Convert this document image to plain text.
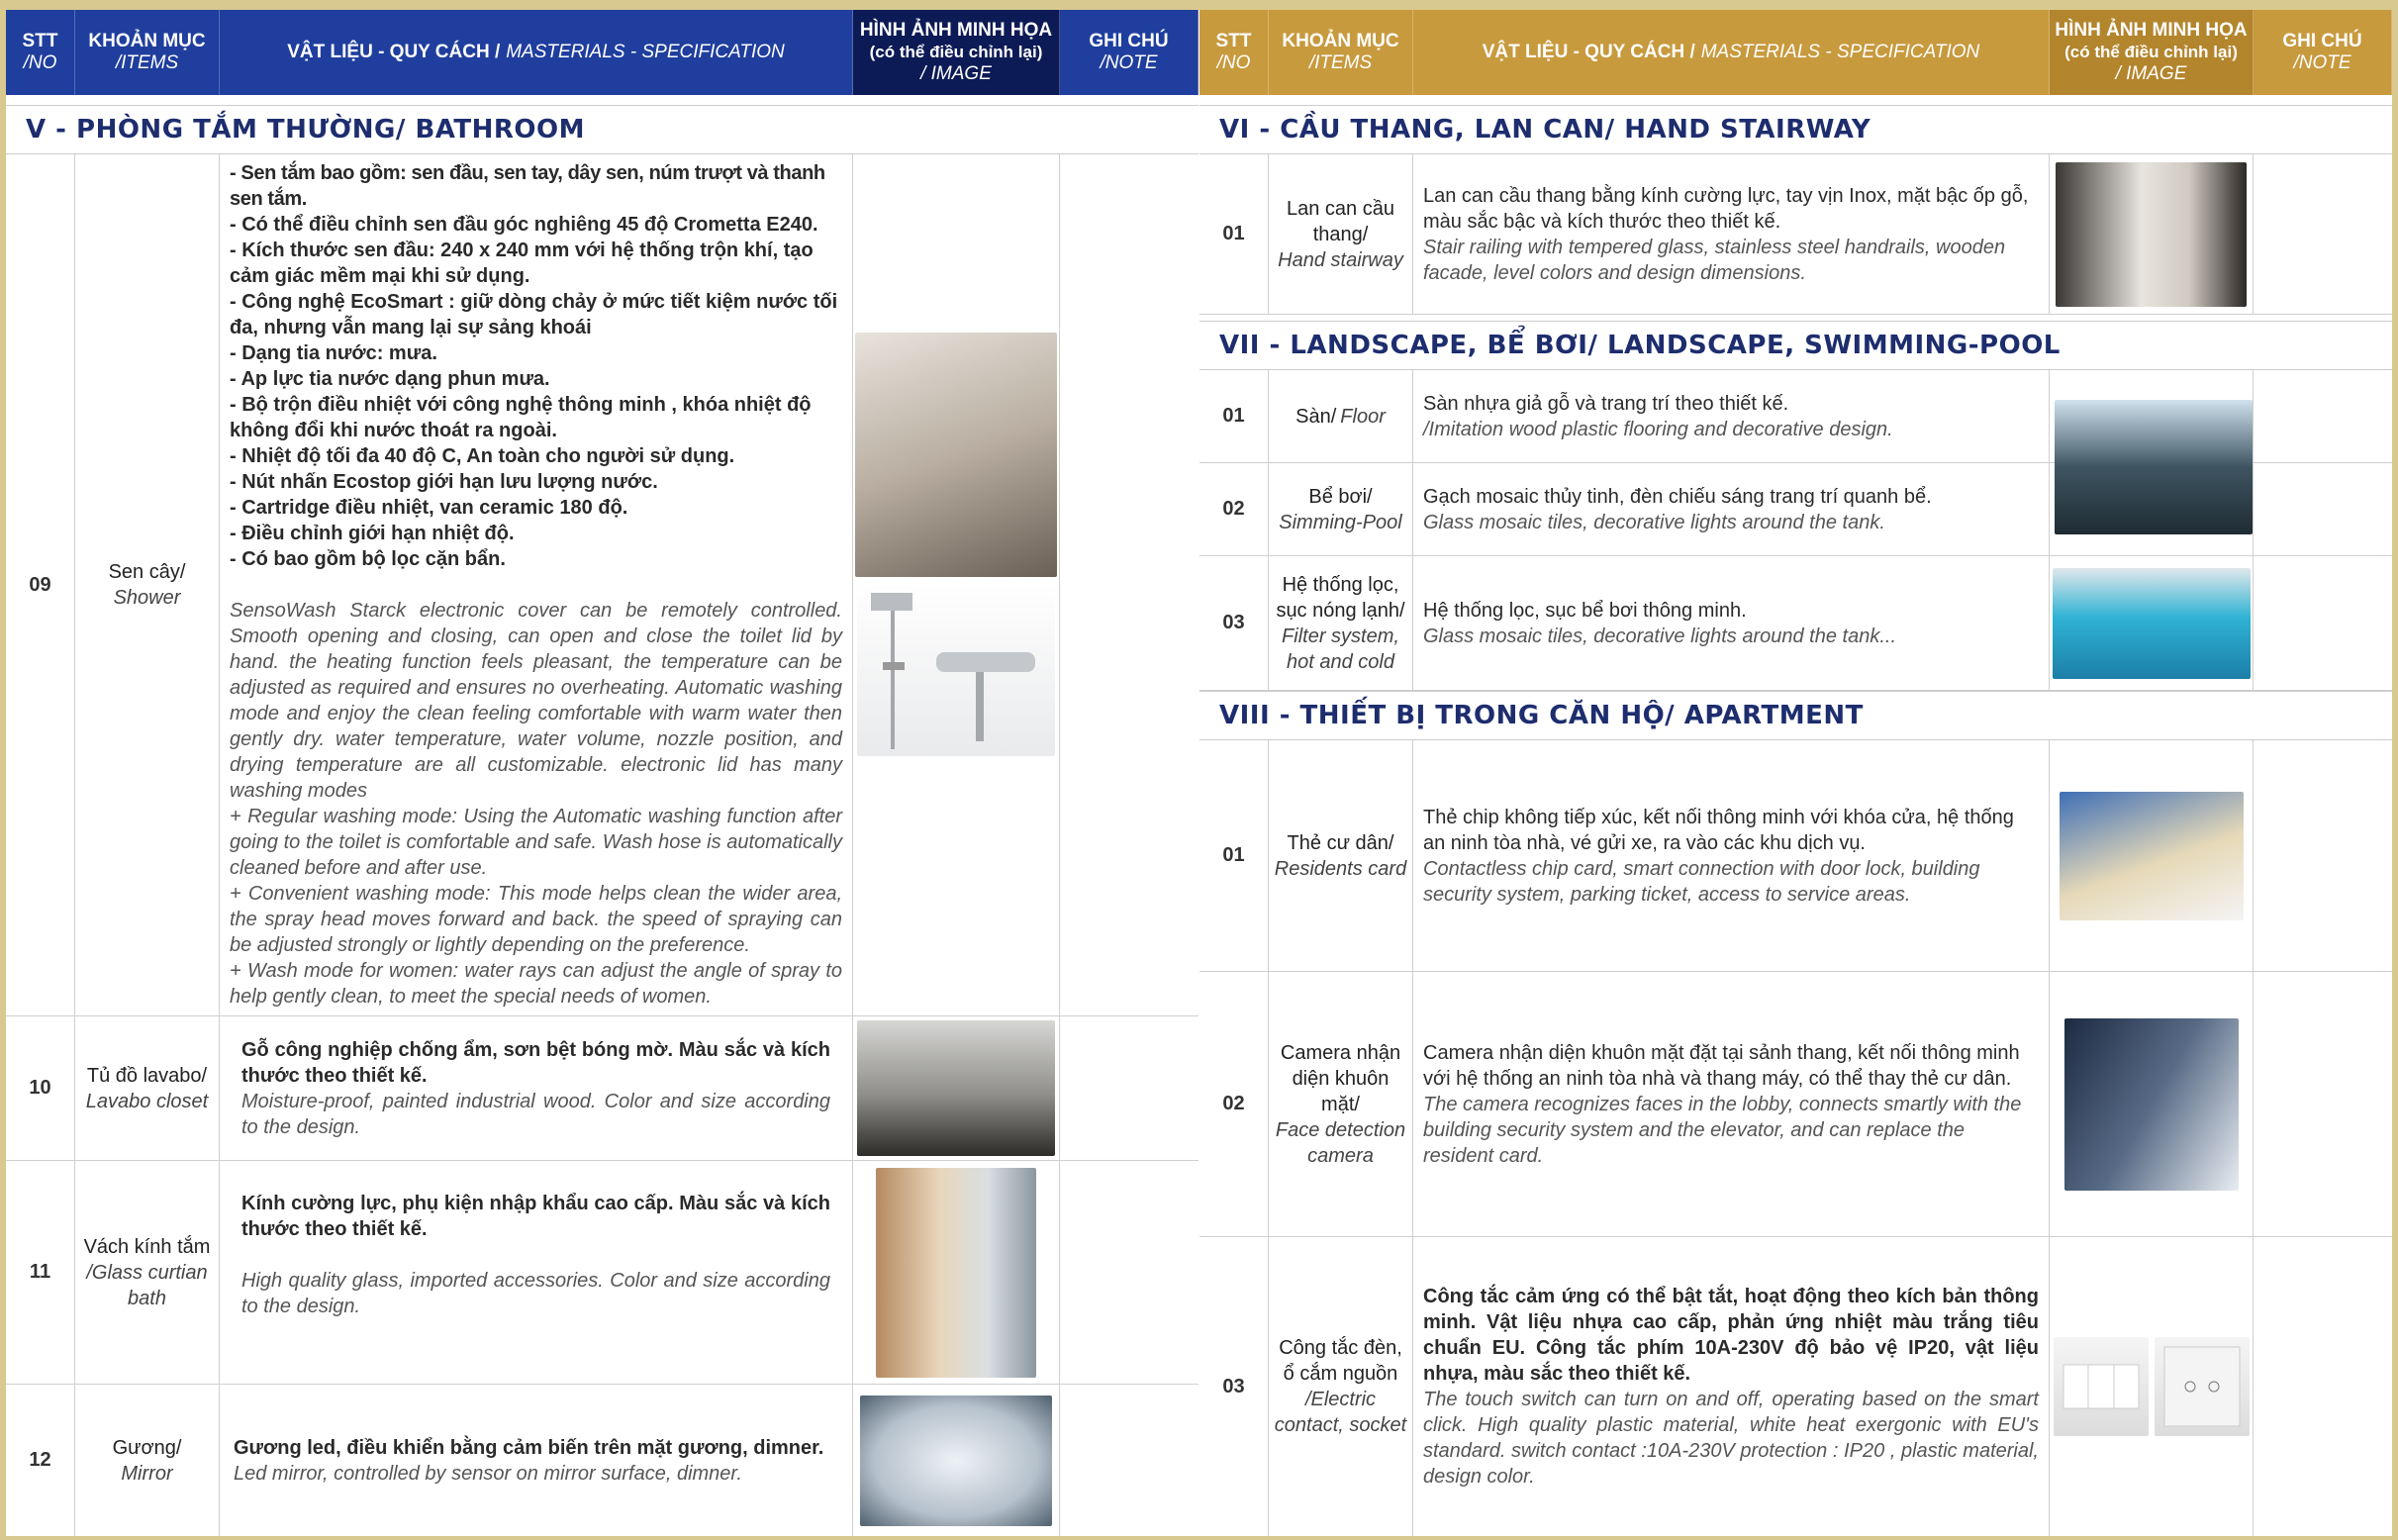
STT
/NO
KHOẢN MỤC
/ITEMS
VẬT LIỆU - QUY CÁCH / MASTERIALS - SPECIFICATION
HÌNH ẢNH MINH HỌA
(có thể điều chỉnh lại)
/ IMAGE
GHI CHÚ
/NOTE
V - PHÒNG TẮM THƯỜNG/ BATHROOM
09
Sen cây/
Shower
- Sen tắm bao gồm: sen đầu, sen tay, dây sen, núm trượt và thanh sen tắm.
- Có thể điều chỉnh sen đầu góc nghiêng 45 độ Crometta E240.
- Kích thước sen đầu: 240 x 240 mm với hệ thống trộn khí, tạo cảm giác mềm mại khi sử dụng.
- Công nghệ EcoSmart : giữ dòng chảy ở mức tiết kiệm nước tối đa, nhưng vẫn mang lại sự sảng khoái
- Dạng tia nước: mưa.
- Ap lực tia nước dạng phun mưa.
- Bộ trộn điều nhiệt với công nghệ thông minh , khóa nhiệt độ không đổi khi nước thoát ra ngoài.
- Nhiệt độ tối đa 40 độ C, An toàn cho người sử dụng.
- Nút nhấn Ecostop giới hạn lưu lượng nước.
- Cartridge điều nhiệt, van ceramic 180 độ.
- Điều chỉnh giới hạn nhiệt độ.
- Có bao gồm bộ lọc cặn bẩn.
SensoWash Starck electronic cover can be remotely controlled. Smooth opening and closing, can open and close the toilet lid by hand. the heating function feels pleasant, the temperature can be adjusted as required and ensures no overheating. Automatic washing mode and enjoy the clean feeling comfortable with warm water then gently dry. water temperature, water volume, nozzle position, and drying temperature are all customizable. electronic lid has many washing modes
+ Regular washing mode: Using the Automatic washing function after going to the toilet is comfortable and safe. Wash hose is automatically cleaned before and after use.
+ Convenient washing mode: This mode helps clean the wider area, the spray head moves forward and back. the speed of spraying can be adjusted strongly or lightly depending on the preference.
+ Wash mode for women: water rays can adjust the angle of spray to help gently clean, to meet the special needs of women.
10
Tủ đồ lavabo/
Lavabo closet
Gỗ công nghiệp chống ẩm, sơn bệt bóng mờ. Màu sắc và kích thước theo thiết kế.
Moisture-proof, painted industrial wood. Color and size according to the design.
11
Vách kính tắm
/Glass curtian bath
Kính cường lực, phụ kiện nhập khẩu cao cấp. Màu sắc và kích thước theo thiết kế.
High quality glass, imported accessories. Color and size according to the design.
12
Gương/
Mirror
Gương led, điều khiển bằng cảm biến trên mặt gương, dimner.
Led mirror, controlled by sensor on mirror surface, dimner.
STT
/NO
KHOẢN MỤC
/ITEMS
VẬT LIỆU - QUY CÁCH / MASTERIALS - SPECIFICATION
HÌNH ẢNH MINH HỌA
(có thể điều chỉnh lại)
/ IMAGE
GHI CHÚ
/NOTE
VI - CẦU THANG, LAN CAN/ HAND STAIRWAY
01
Lan can cầu thang/
Hand stairway
Lan can cầu thang bằng kính cường lực, tay vịn Inox, mặt bậc ốp gỗ, màu sắc bậc và kích thước theo thiết kế.
Stair railing with tempered glass, stainless steel handrails, wooden facade, level colors and design dimensions.
VII - LANDSCAPE, BỂ BƠI/ LANDSCAPE, SWIMMING-POOL
01	Sàn/ Floor
Sàn nhựa giả gỗ và trang trí theo thiết kế.
/Imitation wood plastic flooring and decorative design.
02
Bể bơi/
Simming-Pool
Gạch mosaic thủy tinh, đèn chiếu sáng trang trí quanh bể.
Glass mosaic tiles, decorative lights around the tank.
03
Hệ thống lọc, sục nóng lạnh/
Filter system, hot and cold
Hệ thống lọc, sục bể bơi thông minh.
Glass mosaic tiles, decorative lights around the tank...
VIII - THIẾT BỊ TRONG CĂN HỘ/ APARTMENT
01
Thẻ cư dân/
Residents card
Thẻ chip không tiếp xúc, kết nối thông minh với khóa cửa, hệ thống an ninh tòa nhà, vé gửi xe, ra vào các khu dịch vụ.
Contactless chip card, smart connection with door lock, building security system, parking ticket, access to service areas.
02
Camera nhận diện khuôn mặt/
Face detection camera
Camera nhận diện khuôn mặt đặt tại sảnh thang, kết nối thông minh với hệ thống an ninh tòa nhà và thang máy, có thể thay thẻ cư dân.
The camera recognizes faces in the lobby, connects smartly with the building security system and the elevator, and can replace the resident card.
03
Công tắc đèn, ổ cắm nguồn
/Electric contact, socket
Công tắc cảm ứng có thể bật tắt, hoạt động theo kích bản thông minh. Vật liệu nhựa cao cấp, phản ứng nhiệt màu trắng tiêu chuẩn EU. Công tắc phím 10A-230V độ bảo vệ IP20, vật liệu nhựa, màu sắc theo thiết kế.
The touch switch can turn on and off, operating based on the smart click. High quality plastic material, white heat exergonic with EU's standard. switch contact :10A-230V protection : IP20 , plastic material, design color.
